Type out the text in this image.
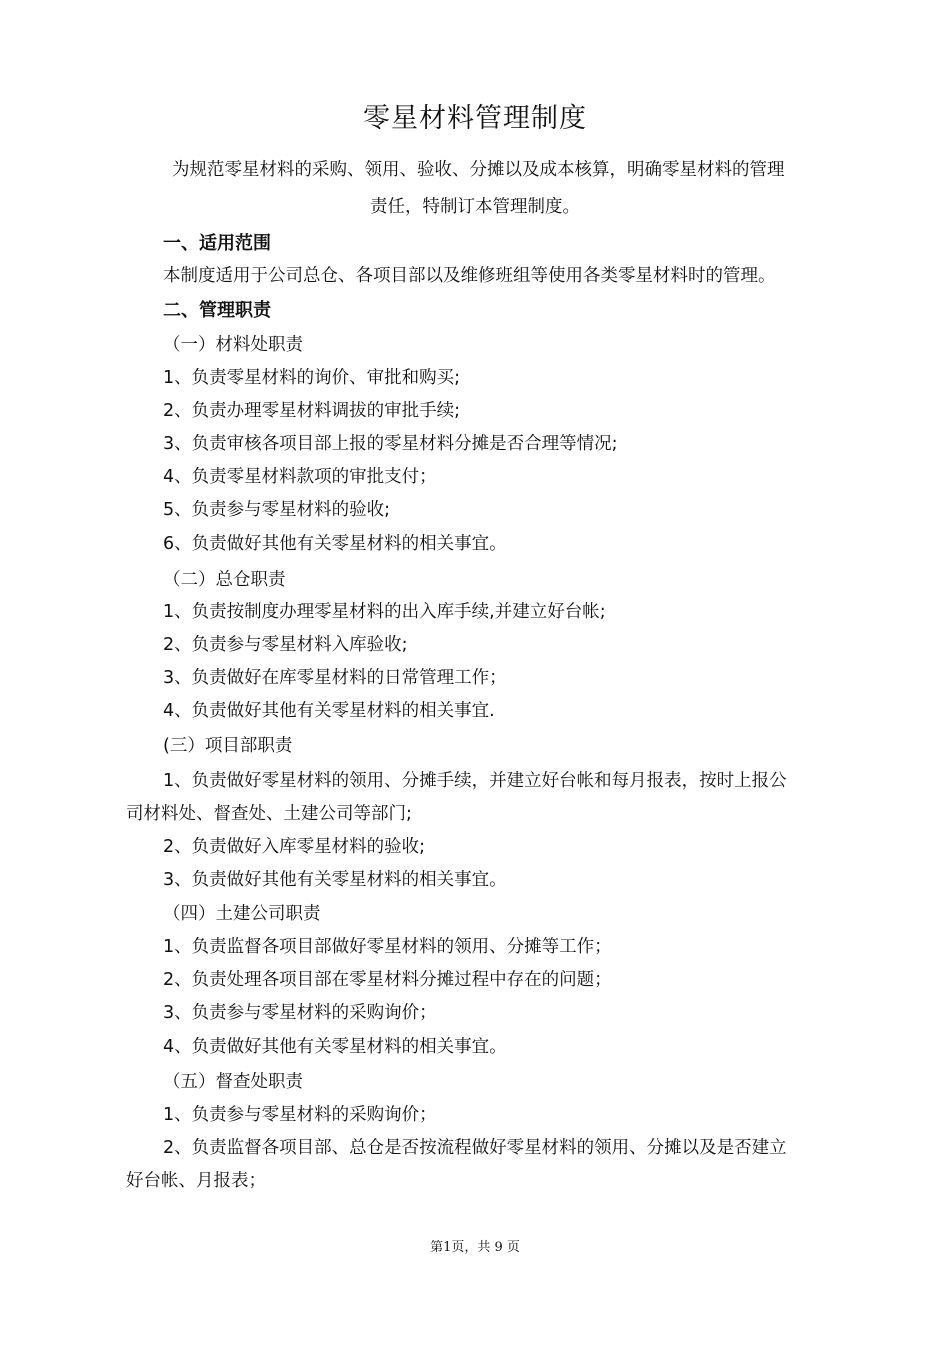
零星材料管理制度
为规范零星材料的采购、领用、验收、分摊以及成本核算，明确零星材料的管理
责任，特制订本管理制度。
一、适用范围
本制度适用于公司总仓、各项目部以及维修班组等使用各类零星材料时的管理。
二、管理职责
（一）材料处职责
1、负责零星材料的询价、审批和购买;
2、负责办理零星材料调拔的审批手续;
3、负责审核各项目部上报的零星材料分摊是否合理等情况;
4、负责零星材料款项的审批支付；
5、负责参与零星材料的验收;
6、负责做好其他有关零星材料的相关事宜。
（二）总仓职责
1、负责按制度办理零星材料的出入库手续,并建立好台帐;
2、负责参与零星材料入库验收;
3、负责做好在库零星材料的日常管理工作；
4、负责做好其他有关零星材料的相关事宜.
(三）项目部职责
1、负责做好零星材料的领用、分摊手续，并建立好台帐和每月报表，按时上报公
司材料处、督查处、土建公司等部门;
2、负责做好入库零星材料的验收;
3、负责做好其他有关零星材料的相关事宜。
（四）土建公司职责
1、负责监督各项目部做好零星材料的领用、分摊等工作；
2、负责处理各项目部在零星材料分摊过程中存在的问题；
3、负责参与零星材料的采购询价；
4、负责做好其他有关零星材料的相关事宜。
（五）督查处职责
1、负责参与零星材料的采购询价；
2、负责监督各项目部、总仓是否按流程做好零星材料的领用、分摊以及是否建立
好台帐、月报表；
第1页，共 9 页
